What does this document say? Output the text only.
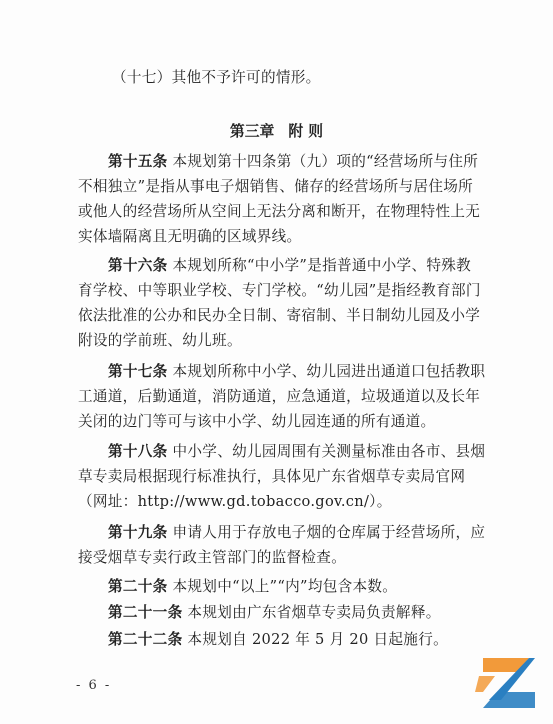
（十七）其他不予许可的情形。
第三章 附 则
第十五条 本规划第十四条第（九）项的“经营场所与住所
不相独立”是指从事电子烟销售、储存的经营场所与居住场所
或他人的经营场所从空间上无法分离和断开，在物理特性上无
实体墙隔离且无明确的区域界线。
第十六条 本规划所称“中小学”是指普通中小学、特殊教
育学校、中等职业学校、专门学校。“幼儿园”是指经教育部门
依法批准的公办和民办全日制、寄宿制、半日制幼儿园及小学
附设的学前班、幼儿班。
第十七条 本规划所称中小学、幼儿园进出通道口包括教职
工通道，后勤通道，消防通道，应急通道，垃圾通道以及长年
关闭的边门等可与该中小学、幼儿园连通的所有通道。
第十八条 中小学、幼儿园周围有关测量标准由各市、县烟
草专卖局根据现行标准执行，具体见广东省烟草专卖局官网
（网址：http://www.gd.tobacco.gov.cn/）。
第十九条 申请人用于存放电子烟的仓库属于经营场所，应
接受烟草专卖行政主管部门的监督检查。
第二十条 本规划中“以上”“内”均包含本数。
第二十一条 本规划由广东省烟草专卖局负责解释。
第二十二条 本规划自 2022 年 5 月 20 日起施行。
- 6 -
